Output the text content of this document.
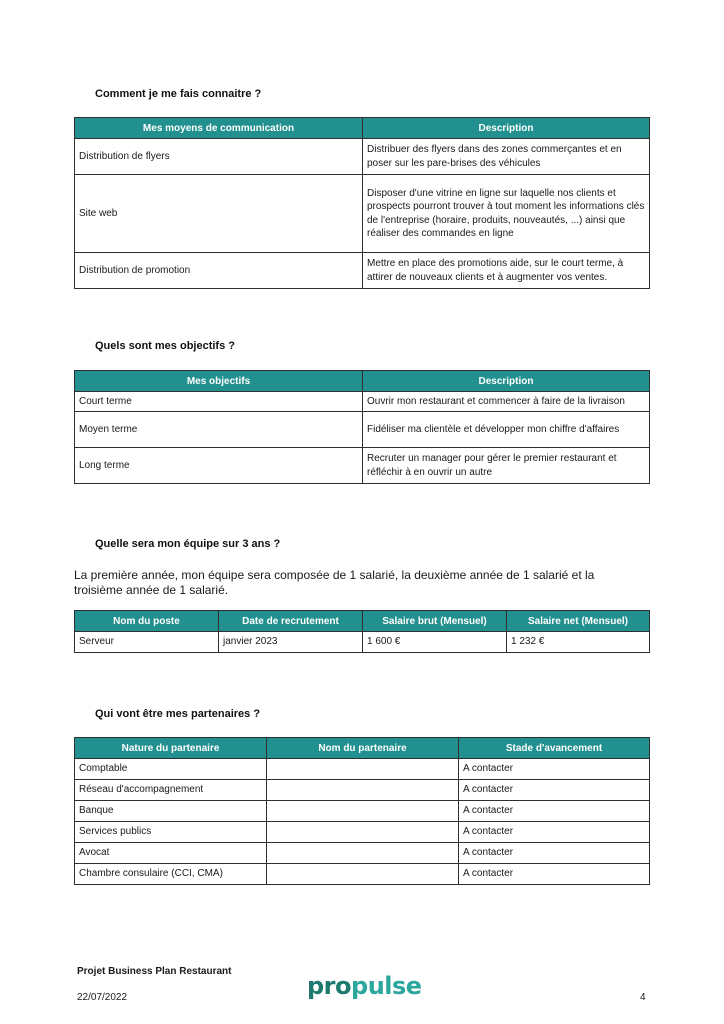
Comment je me fais connaitre ?
Mes moyens de communication	Description
Distribution de flyers	Distribuer des flyers dans des zones commerçantes et en poser sur les pare-brises des véhicules
Site web	Disposer d'une vitrine en ligne sur laquelle nos clients et prospects pourront trouver à tout moment les informations clés de l'entreprise (horaire, produits, nouveautés, ...) ainsi que réaliser des commandes en ligne
Distribution de promotion	Mettre en place des promotions aide, sur le court terme, à attirer de nouveaux clients et à augmenter vos ventes.
Quels sont mes objectifs ?
Mes objectifs	Description
Court terme	Ouvrir mon restaurant et commencer à faire de la livraison
Moyen terme	Fidéliser ma clientèle et développer mon chiffre d'affaires
Long terme	Recruter un manager pour gérer le premier restaurant et réfléchir à en ouvrir un autre
Quelle sera mon équipe sur 3 ans ?
La première année, mon équipe sera composée de 1 salarié, la deuxième année de 1 salarié et la troisième année de 1 salarié.
Nom du poste	Date de recrutement	Salaire brut (Mensuel)	Salaire net (Mensuel)
Serveur	janvier 2023	1 600 €	1 232 €
Qui vont être mes partenaires ?
Nature du partenaire	Nom du partenaire	Stade d'avancement
Comptable		A contacter
Réseau d'accompagnement		A contacter
Banque		A contacter
Services publics		A contacter
Avocat		A contacter
Chambre consulaire (CCI, CMA)		A contacter
Projet Business Plan Restaurant
22/07/2022	propulse	4
